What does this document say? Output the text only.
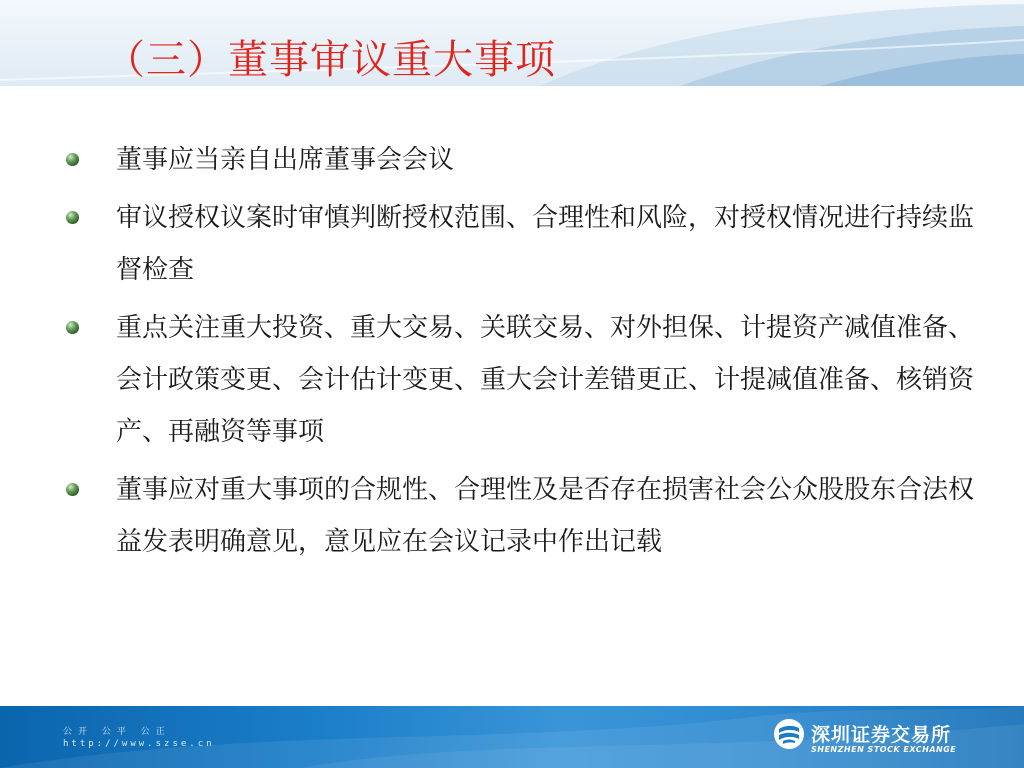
（三）董事审议重大事项
董事应当亲自出席董事会会议
审议授权议案时审慎判断授权范围、合理性和风险，对授权情况进行持续监督检查
重点关注重大投资、重大交易、关联交易、对外担保、计提资产减值准备、会计政策变更、会计估计变更、重大会计差错更正、计提减值准备、核销资产、再融资等事项
董事应对重大事项的合规性、合理性及是否存在损害社会公众股股东合法权益发表明确意见，意见应在会议记录中作出记载
公开 公平 公正
http://www.szse.cn	深圳证券交易所
SHENZHEN STOCK EXCHANGE
